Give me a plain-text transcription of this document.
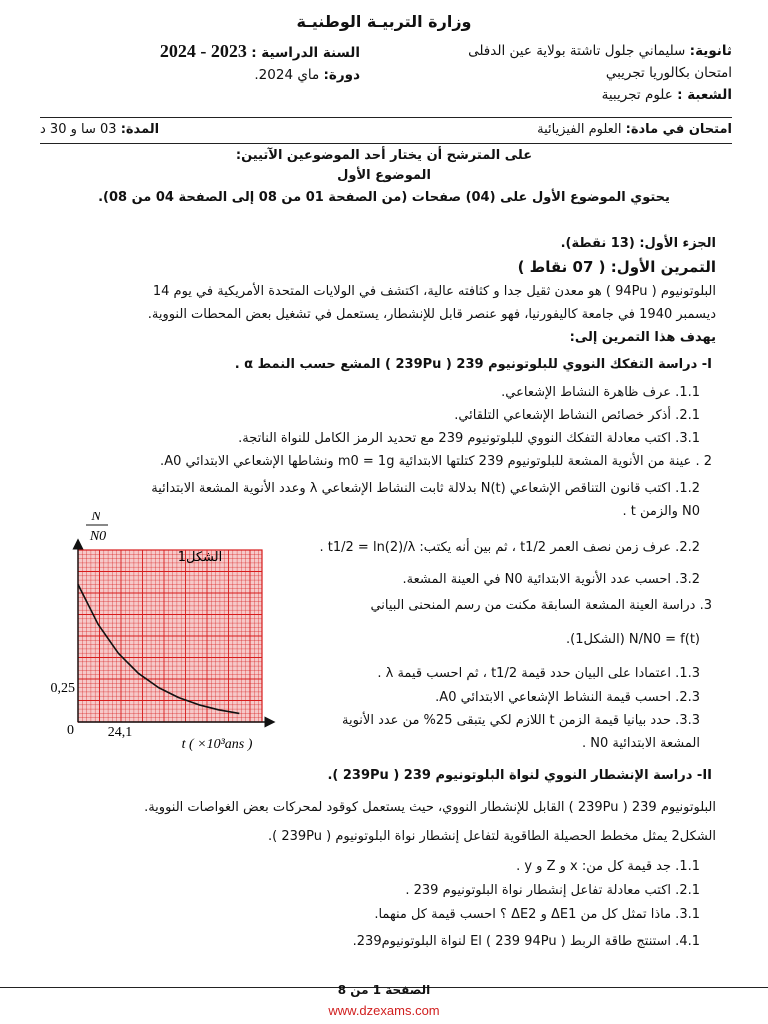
وزارة التربيـة الوطنيـة
ثانوية: سليماني جلول تاشتة بولاية عين الدفلى
امتحان بكالوريا تجريبي
الشعبة : علوم تجريبية
السنة الدراسية : 2023 - 2024
دورة: ماي 2024.
امتحان في مادة: العلوم الفيزيائية
المدة: 03 سا و 30 د
على المترشح أن يختار أحد الموضوعين الآتيين:
الموضوع الأول
يحتوي الموضوع الأول على (04) صفحات (من الصفحة 01 من 08 إلى الصفحة 04 من 08).
الجزء الأول: (13 نقطة).
التمرين الأول: ( 07 نقاط )
البلوتونيوم ( 94Pu ) هو معدن ثقيل جدا و كثافته عالية، اكتشف في الولايات المتحدة الأمريكية في يوم 14
ديسمبر 1940 في جامعة كاليفورنيا، فهو عنصر قابل للإنشطار، يستعمل في تشغيل بعض المحطات النووية.
يهدف هذا التمرين إلى:
I- دراسة التفكك النووي للبلوتونيوم 239 ( 239Pu ) المشع حسب النمط α .
1.1. عرف ظاهرة النشاط الإشعاعي.
2.1. أذكر خصائص النشاط الإشعاعي التلقائي.
3.1. اكتب معادلة التفكك النووي للبلوتونيوم 239 مع تحديد الرمز الكامل للنواة الناتجة.
2 . عينة من الأنوية المشعة للبلوتونيوم 239 كتلتها الابتدائية m0 = 1g ونشاطها الإشعاعي الابتدائي A0.
1.2. اكتب قانون التناقص الإشعاعي N(t) بدلالة ثابت النشاط الإشعاعي λ وعدد الأنوية المشعة الابتدائية
N0 والزمن t .
2.2. عرف زمن نصف العمر t1/2 ، ثم بين أنه يكتب: t1/2 = ln(2)/λ .
3.2. احسب عدد الأنوية الابتدائية N0 في العينة المشعة.
3. دراسة العينة المشعة السابقة مكنت من رسم المنحنى البياني
N/N0 = f(t) (الشكل1).
1.3. اعتمادا على البيان حدد قيمة t1/2 ، ثم احسب قيمة λ .
2.3. احسب قيمة النشاط الإشعاعي الابتدائي A0.
3.3. حدد بيانيا قيمة الزمن t اللازم لكي يتبقى 25% من عدد الأنوية
المشعة الابتدائية N0 .
II- دراسة الإنشطار النووي لنواة البلوتونيوم 239 ( 239Pu ).
البلوتونيوم 239 ( 239Pu ) القابل للإنشطار النووي، حيث يستعمل كوقود لمحركات بعض الغواصات النووية.
الشكل2 يمثل مخطط الحصيلة الطاقوية لتفاعل إنشطار نواة البلوتونيوم ( 239Pu ).
1.1. جد قيمة كل من: x و Z و y .
2.1. اكتب معادلة تفاعل إنشطار نواة البلوتونيوم 239 .
3.1. ماذا تمثل كل من ΔE1 و ΔE2 ؟ احسب قيمة كل منهما.
4.1. استنتج طاقة الربط El ( 239 94Pu ) لنواة البلوتونيوم239.
N
N0
الشكل1
0,25
0 24,1
t ( ×10³ans )
الصفحة 1 من 8
www.dzexams.com
